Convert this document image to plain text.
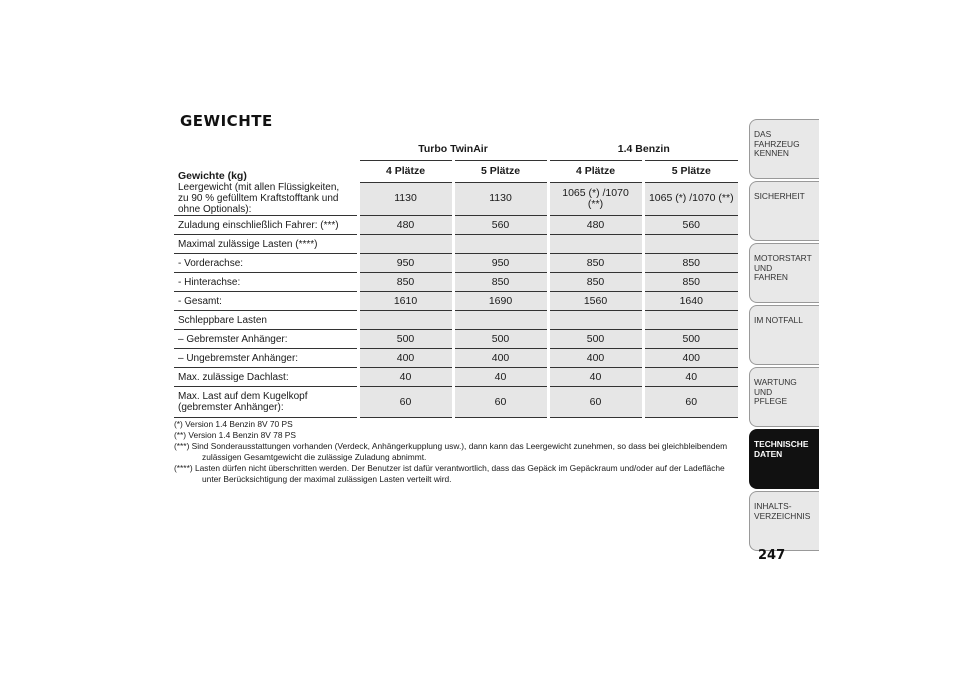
GEWICHTE
Gewichte (kg)	Turbo TwinAir		1.4 Benzin	
	4 Plätze	5 Plätze	4 Plätze	5 Plätze
Leergewicht (mit allen Flüssigkeiten, zu 90 % gefülltem Kraftstofftank und ohne Optionals):	1130	1130	1065 (*) /1070 (**)	1065 (*) /1070 (**)
Zuladung einschließlich Fahrer: (***)	480	560	480	560
Maximal zulässige Lasten (****)				
- Vorderachse:	950	950	850	850
- Hinterachse:	850	850	850	850
- Gesamt:	1610	1690	1560	1640
Schleppbare Lasten				
– Gebremster Anhänger:	500	500	500	500
– Ungebremster Anhänger:	400	400	400	400
Max. zulässige Dachlast:	40	40	40	40
Max. Last auf dem Kugelkopf (gebremster Anhänger):	60	60	60	60

(*) Version 1.4 Benzin 8V 70 PS

(**) Version 1.4 Benzin 8V 78 PS

(***) Sind Sonderausstattungen vorhanden (Verdeck, Anhängerkupplung usw.), dann kann das Leergewicht zunehmen, so dass bei gleichbleibendem zulässigen Gesamtgewicht die zulässige Zuladung abnimmt.

(****) Lasten dürfen nicht überschritten werden. Der Benutzer ist dafür verantwortlich, dass das Gepäck im Gepäckraum und/oder auf der Ladefläche unter Berücksichtigung der maximal zulässigen Lasten verteilt wird.

DAS FAHRZEUG
KENNEN
SICHERHEIT
MOTORSTART UND
FAHREN
IM NOTFALL
WARTUNG UND
PFLEGE
TECHNISCHE
DATEN
INHALTS-
VERZEICHNIS
247
